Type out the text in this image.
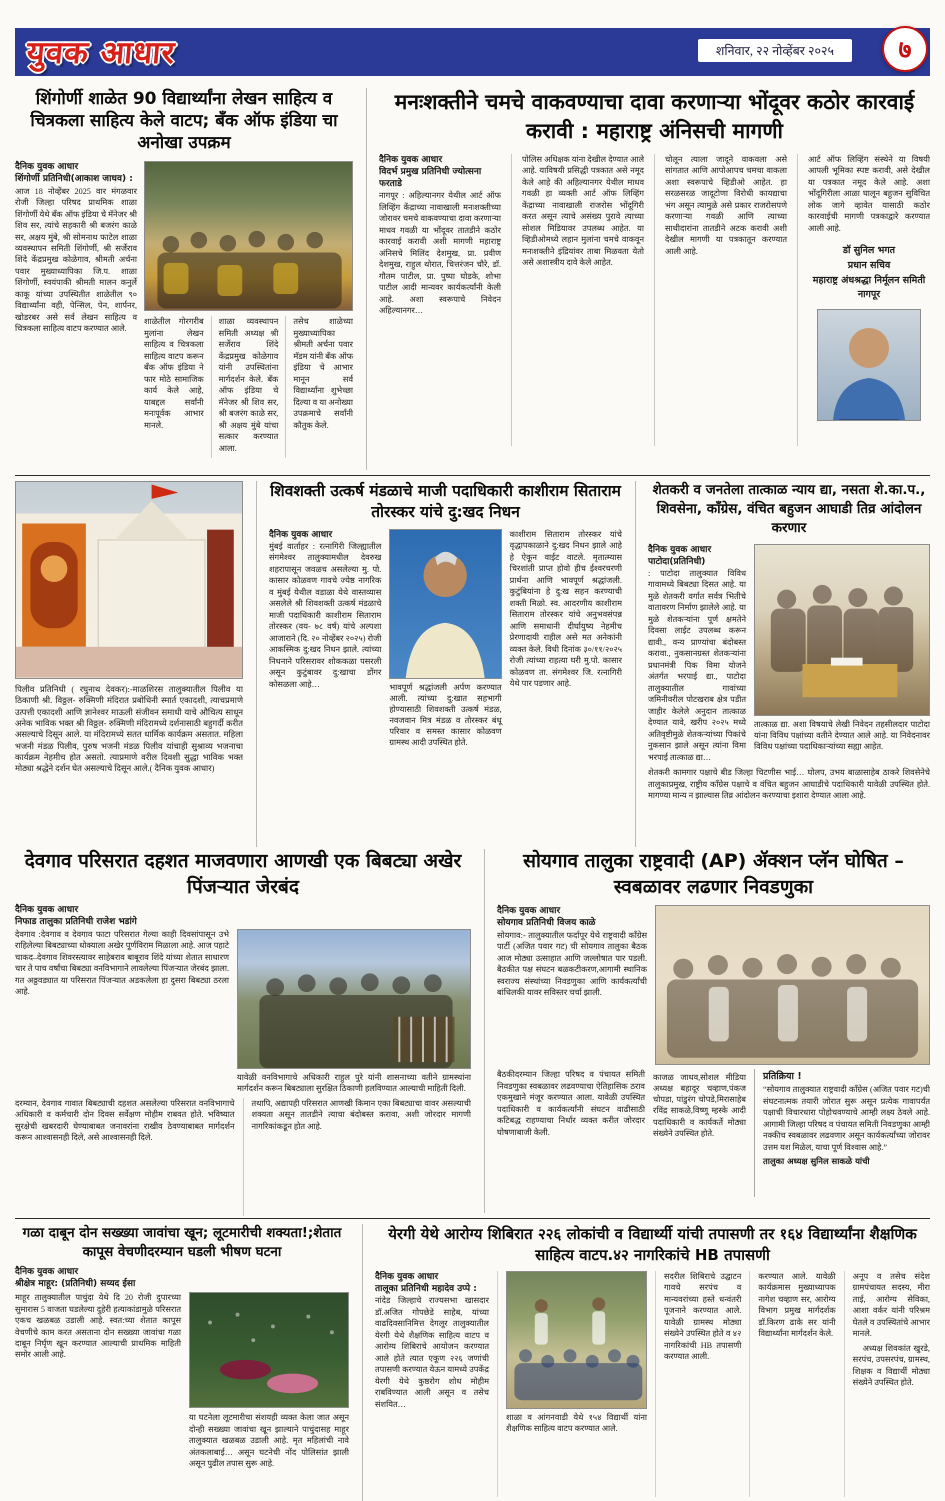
युवक आधार	शनिवार, २२ नोव्हेंबर २०२५	७
शिंगोर्णी शाळेत 90 विद्यार्थ्यांना लेखन साहित्य व चित्रकला साहित्य केले वाटप; बँक ऑफ इंडिया चा अनोखा उपक्रम

दैनिक युवक आधार

शिंगोर्णी प्रतिनिधी(आकाश जाधव) :

आज 18 नोव्हेंबर 2025 वार मंगळवार रोजी जिल्हा परिषद प्राथमिक शाळा शिंगोर्णी येथे बँक ऑफ इंडिया चे मॅनेजर श्री शिव सर, त्यांचे सहकारी श्री बजरंग काळे सर, अक्षय मुंबे, श्री सोमनाथ फाटेल शाळा व्यवस्थापन समिती शिंगोर्णी, श्री सर्जेराव शिंदे केंद्रप्रमुख कोळेगाव, श्रीमती अर्चना पवार मुख्याध्यापिका जि.प. शाळा शिंगोर्णी, स्वयंपाकी श्रीमती मालन कनुर्ले काकू यांच्या उपस्थितीत शाळेतील ९० विद्यार्थ्यांना वही, पेन्सिल, पेन, शार्पनर, खोडरबर असे सर्व लेखन साहित्य व चित्रकला साहित्य वाटप करण्यात आले.

शाळेतील गोरगरीब मुलांना लेखन साहित्य व चित्रकला साहित्य वाटप करून बँक ऑफ इंडिया ने फार मोठे सामाजिक कार्य केले आहे, याबद्दल सर्वांनी मनःपूर्वक आभार मानले.

शाळा व्यवस्थापन समिती अध्यक्ष श्री सर्जेराव शिंदे केंद्रप्रमुख कोळेगाव यांनी उपस्थितांना मार्गदर्शन केले. बँक ऑफ इंडिया चे मॅनेजर श्री शिव सर, श्री बजरंग काळे सर, श्री अक्षय मुंबे यांचा सत्कार करण्यात आला.

तसेच शाळेच्या मुख्याध्यापिका श्रीमती अर्चना पवार मॅडम यांनी बँक ऑफ इंडिया चे आभार मानून सर्व विद्यार्थ्यांना शुभेच्छा दिल्या व या अनोख्या उपक्रमाचे सर्वांनी कौतुक केले.

मनःशक्तीने चमचे वाकवण्याचा दावा करणाऱ्या भोंदूवर कठोर कारवाई करावी : महाराष्ट्र अंनिसची मागणी

दैनिक युवक आधार

विदर्भ प्रमुख प्रतिनिधी ज्योत्सना फरताडे

नागपूर : अहिल्यानगर येथील आर्ट ऑफ लिव्हिंग केंद्राच्या नावाखाली मनःशक्तीच्या जोरावर चमचे वाकवण्याचा दावा करणाऱ्या माधव गवळी या भोंदूवर तातडीने कठोर कारवाई करावी अशी मागणी महाराष्ट्र अंनिसचे मिलिंद देशमुख, प्रा. प्रवीण देशमुख, राहुल थोरात, चित्तरंजन चौरे, डॉ. गौतम पाटील, प्रा. पुष्पा घोडके, शोभा पाटील आदी मान्यवर कार्यकर्त्यांनी केली आहे. अशा स्वरूपाचे निवेदन अहिल्यानगर…

पोलिस अधिक्षक यांना देखील देण्यात आले आहे. याविषयी प्रसिद्धी पत्रकात असे नमूद केले आहे की अहिल्यानगर येथील माधव गवळी हा व्यक्ती आर्ट ऑफ लिव्हिंग केंद्राच्या नावाखाली राजरोस भोंदूगिरी करत असून त्याचे असंख्य पुरावे त्याच्या सोशल मिडियावर उपलब्ध आहेत. या व्हिडीओमध्ये लहान मुलांना चमचे वाकवून मनःशक्तीने इंद्रियांवर ताबा मिळवता येतो असे अशास्त्रीय दावे केले आहेत.

चोलून त्याला जादूने वाकवला असे सांगतात आणि आपोआपच चमचा वाकला अशा स्वरूपाचे व्हिडीओ आहेत. हा सरळसरळ जादूटोणा विरोधी कायद्याचा भंग असून त्यामुळे असे प्रकार राजरोसपणे करणाऱ्या गवळी आणि त्याच्या साथीदारांना तातडीने अटक करावी अशी देखील मागणी या पत्रकातून करण्यात आली आहे.

आर्ट ऑफ लिव्हिंग संस्थेने या विषयी आपली भूमिका स्पष्ट करावी, असे देखील या पत्रकात नमूद केले आहे. अशा भोंदूगिरीला आळा घालून बहुजन सुविचित लोक जागे व्हावेत यासाठी कठोर कारवाईची मागणी पत्रकाद्वारे करण्यात आली आहे.

डॉ सुनिल भगत
प्रधान सचिव
महाराष्ट्र अंधश्रद्धा निर्मूलन समिती
नागपूर

पिलीव प्रतिनिधी ( रघुनाथ देवकर):-माळशिरस तालुक्यातील पिलीव या ठिकाणी श्री. विठ्ठल- रुक्मिणी मंदिरात प्रबोधिनी स्मार्त एकादशी, त्याचप्रमाणे उत्पत्ती एकादशी आणि ज्ञानेश्वर माऊली संजीवन समाधी याचे औचित्य साधून अनेक भाविक भक्त श्री विठ्ठल- रुक्मिणी मंदिरामध्ये दर्शनासाठी बहुगर्दी करीत असल्याचे दिसून आले. या मंदिरामध्ये सतत धार्मिक कार्यक्रम असतात. महिला भजनी मंडळ पिलीव, पुरुष भजनी मंडळ पिलीव यांचाही सुश्राव्य भजनाचा कार्यक्रम नेहमीच होत असतो. त्याप्रमाणे वरील दिवशी सुद्धा भाविक भक्त मोठ्या श्रद्धेने दर्शन घेत असल्याचे दिसून आले.( दैनिक युवक आधार)

शिवशक्ती उत्कर्ष मंडळाचे माजी पदाधिकारी काशीराम सिताराम तोरस्कर यांचे दु:खद निधन

दैनिक युवक आधार

मुंबई वार्ताहर : रत्नागिरी जिल्ह्यातील संगमेश्वर तालुक्यामधील देवरुख शहरापासून जवळच असलेल्या मु. पो. कासार कोळवण गावचे ज्येष्ठ नागरिक व मुंबई येथील वडाळा येथे वास्तव्यास असलेले श्री शिवशक्ती उत्कर्ष मंडळाचे माजी पदाधिकारी काशीराम सिताराम तोरस्कर (वय- ७८ वर्ष) यांचे अल्पशा आजाराने (दि. २० नोव्हेंबर २०२५) रोजी आकस्मिक दु:खद निधन झाले. त्यांच्या निधनाने परिसरावर शोककळा पसरली असून कुटुंबावर दु:खाचा डोंगर कोसळला आहे…	भावपूर्ण श्रद्धांजली अर्पण करण्यात आली. त्यांच्या दु:खात सहभागी होण्यासाठी शिवशक्ती उत्कर्ष मंडळ, नवजवान मित्र मंडळ व तोरस्कर बंधू परिवार व समस्त कासार कोळवण ग्रामस्थ आदी उपस्थित होते.

काशीराम सिताराम तोरस्कर यांचे वृद्धापकाळाने दु:खद निधन झाले आहे हे ऐकून वाईट वाटले. मृतात्म्यास चिरशांती प्राप्त होवो हीच ईश्वरचरणी प्रार्थना आणि भावपूर्ण श्रद्धांजली. कुटुंबियांना हे दु:ख सहन करण्याची शक्ती मिळो. स्व. आदरणीय काशीराम सिताराम तोरस्कर यांचे अनुभवसंपन्न आणि समाधानी दीर्घायुष्य नेहमीच प्रेरणादायी राहील असे मत अनेकांनी व्यक्त केले. विधी दिनांक ३०/११/२०२५ रोजी त्यांच्या राहत्या घरी मु.पो. कासार कोळवण ता. संगमेश्वर जि. रत्नागिरी येथे पार पडणार आहे.

शेतकरी व जनतेला तात्काळ न्याय द्या, नसता शे.का.प., शिवसेना, काँग्रेस, वंचित बहुजन आघाडी तिव्र आंदोलन करणार

दैनिक युवक आधार

पाटोदा(प्रतिनिधी)

: पाटोदा तालुक्यात विविध गावामध्ये बिबट्या दिसत आहे. या मुळे शेतकरी वर्गात सर्वत्र भितीचे वातावरण निर्माण झालेले आहे. या मुळे शेतकऱ्यांना पूर्ण क्षमतेने दिवसा लाईट उपलब्ध करून द्यावी., वन्य प्राण्यांचा बंदोबस्त करावा., नुकसानग्रस्त शेतकऱ्यांना प्रधानमंत्री पिक विमा योजने अंतर्गत भरपाई द्या., पाटोदा तालुक्यातील गावांच्या जमिनीवरील पोटखराब क्षेत्र पडीत जाहीर केलेले अनुदान तात्काळ देण्यात यावे, खरीप २०२५ मध्ये अतिवृष्टीमुळे शेतकऱ्यांच्या पिकांचे नुकसान झाले असून त्यांना विमा भरपाई तात्काळ द्या…

तात्काळ द्या. अशा विषयाचे लेखी निवेदन तहसीलदार पाटोदा यांना विविध पक्षांच्या वतीने देण्यात आले आहे. या निवेदनावर विविध पक्षांच्या पदाधिकाऱ्यांच्या सह्या आहेत.

शेतकरी कामगार पक्षाचे बीड जिल्हा चिटणीस भाई… घोलप, उभय बाळासाहेब ठाकरे शिवसेनेचे तालुकाप्रमुख, राष्ट्रीय काँग्रेस पक्षाचे व वंचित बहुजन आघाडीचे पदाधिकारी यावेळी उपस्थित होते. मागण्या मान्य न झाल्यास तिव्र आंदोलन करण्याचा इशारा देण्यात आला आहे.

देवगाव परिसरात दहशत माजवणारा आणखी एक बिबट्या अखेर पिंजऱ्यात जेरबंद

दैनिक युवक आधार

निफाड तालुका प्रतिनिधी राजेश भडांगे

देवगाव :देवगाव व देवगाव फाटा परिसरात गेल्या काही दिवसांपासून उभे राहिलेल्या बिबट्याच्या धोक्याला अखेर पूर्णविराम मिळाला आहे. आज पहाटे चाकद–देवगाव शिवरस्त्यावर साहेबराव बाबूराव शिंदे यांच्या शेतात साधारण चार ते पाच वर्षांचा बिबट्या वनविभागाने लावलेल्या पिंजऱ्यात जेरबंद झाला. गत अठ्ठवड्यात या परिसरात पिंजऱ्यात अडकलेला हा दुसरा बिबट्या ठरला आहे.

यावेळी वनविभागाचे अधिकारी राहुल पुरे यांनी शासनाच्या वतीने ग्रामस्थांना मार्गदर्शन करून बिबट्याला सुरक्षित ठिकाणी हलविण्यात आल्याची माहिती दिली.

दरम्यान, देवगाव गावात बिबट्याची दहशत असलेल्या परिसरात वनविभागाचे अधिकारी व कर्मचारी दोन दिवस सर्वेक्षण मोहीम राबवत होते. भविष्यात सुरक्षेची खबरदारी घेण्याबाबत जनावरांना राखीव ठेवण्याबाबत मार्गदर्शन करून आश्वासनही दिले, असे आश्वासनही दिले.

तथापि, अद्यापही परिसरात आणखी किमान एका बिबट्याचा वावर असल्याची शक्यता असून तातडीने त्याचा बंदोबस्त करावा, अशी जोरदार मागणी नागरिकांकडून होत आहे.

सोयगाव तालुका राष्ट्रवादी (AP) ॲक्शन प्लॅन घोषित –स्वबळावर लढणार निवडणुका

दैनिक युवक आधार

सोयगाव प्रतिनिधी विजय काळे

सोयगाव:- तालुक्यातील फर्दापूर येथे राष्ट्रवादी काँग्रेस पार्टी (अजित पवार गट) ची सोयगाव तालुका बैठक आज मोठ्या उत्साहात आणि जल्लोषात पार पडली. बैठकीत पक्ष संघटन बळकटीकरण,आगामी स्थानिक स्वराज्य संस्थांच्या निवडणुका आणि कार्यकर्त्यांची बांधिलकी यावर सविस्तर चर्चा झाली.

बैठकीदरम्यान जिल्हा परिषद व पंचायत समिती निवडणुका स्वबळावर लढवण्याचा ऐतिहासिक ठराव एकमुखाने मंजूर करण्यात आला. यावेळी उपस्थित पदाधिकारी व कार्यकर्त्यांनी संघटन वाढीसाठी कटिबद्ध राहण्याचा निर्धार व्यक्त करीत जोरदार घोषणाबाजी केली.

काजळ जाधव,सोशल मीडिया अध्यक्ष बहादूर चव्हाण,पंकज चोपडा, पांडुरंग चोपडे,मिरासाहेब रविंद्र साकळे,विष्णू म्हस्के आदी पदाधिकारी व कार्यकर्ते मोठ्या संख्येने उपस्थित होते.

प्रतिक्रिया !

“सोयगाव तालुक्यात राष्ट्रवादी काँग्रेस (अजित पवार गट)ची संघटनात्मक तयारी जोरात सुरू असून प्रत्येक गावापर्यंत पक्षाची विचारधारा पोहोचवण्याचे आम्ही लक्ष्य ठेवले आहे. आगामी जिल्हा परिषद व पंचायत समिती निवडणुका आम्ही नक्कीच स्वबळावर लढवणार असून कार्यकर्त्यांच्या जोरावर उत्तम यश मिळेल, याचा पूर्ण विश्वास आहे.”

तालुका अध्यक्ष सुनिल साकळे यांची
गळा दाबून दोन सख्ख्या जावांचा खून; लूटमारीची शक्यता!;शेतात कापूस वेचणीदरम्यान घडली भीषण घटना

दैनिक युवक आधार

श्रीक्षेत्र माहूर: (प्रतिनिधी) सय्यद ईसा

माहूर तालुक्यातील पाचुंदा येथे दि 20 रोजी दुपारच्या सुमारास 5 वाजता घडलेल्या दुहेरी हत्याकांडामुळे परिसरात एकच खळबळ उडाली आहे. स्वत:च्या शेतात कापूस वेचणीचे काम करत असताना दोन सख्ख्या जावांचा गळा दाबून निर्घृण खून करण्यात आल्याची प्राथमिक माहिती समोर आली आहे.

या घटनेला लूटमारीचा संशयही व्यक्त केला जात असून दोन्ही सख्ख्या जावांचा खून झाल्याने पाचुंदासह माहूर तालुक्यात खळबळ उडाली आहे. मृत महिलांची नावे अंतकलाबाई… असून घटनेची नोंद पोलिसांत झाली असून पुढील तपास सुरू आहे.

येरगी येथे आरोग्य शिबिरात २२६ लोकांची व विद्यार्थ्यी यांची तपासणी तर १६४ विद्यार्थ्यांना शैक्षणिक साहित्य वाटप.४२ नागरिकांचे HB तपासणी

दैनिक युवक आधार

तालूका प्रतिनिधी महादेव उप्पे :

नांदेड जिल्हाचे राज्यसभा खासदार डॉ.अजित गोपछेडे साहेब, यांच्या वाढदिवसानिमित्त देगलूर तालुक्यातील येरगी येथे शैक्षणिक साहित्य वाटप व आरोग्य शिबिराचे आयोजन करण्यात आले होते त्यात एकूण २२६ जणांची तपासणी करण्यात येऊन यामध्ये उपकेंद्र येरगी येथे कुष्ठरोग शोध मोहीम राबविण्यात आली असून व तसेच संशयित…

शाळा व आंगनवाडी येथे १५४ विद्यार्थी यांना शैक्षणिक साहित्य वाटप करण्यात आले.

सदरील शिबिराचे उद्घाटन गावचे सरपंच व मान्यवरांच्या हस्ते धन्वंतरी पूजनाने करण्यात आले. यावेळी ग्रामस्थ मोठ्या संख्येने उपस्थित होते व ४२ नागरिकांची HB तपासणी करण्यात आली.

करण्यात आले. यावेळी कार्यक्रमास मुख्याध्यापक नागेश चव्हाण सर, आरोग्य विभाग प्रमुख मार्गदर्शक डॉ.किरण ढाके सर यांनी विद्यार्थ्यांना मार्गदर्शन केले.

अनूप व तसेच संदेश ग्रामपंचायत सदस्य, मीरा ताई, आरोग्य सेविका, आशा वर्कर यांनी परिश्रम घेतले व उपस्थितांचे आभार मानले.

अध्यक्ष शिवकांत खुरडे, सरपंच, उपसरपंच, ग्रामस्थ, शिक्षक व विद्यार्थी मोठ्या संख्येने उपस्थित होते.
